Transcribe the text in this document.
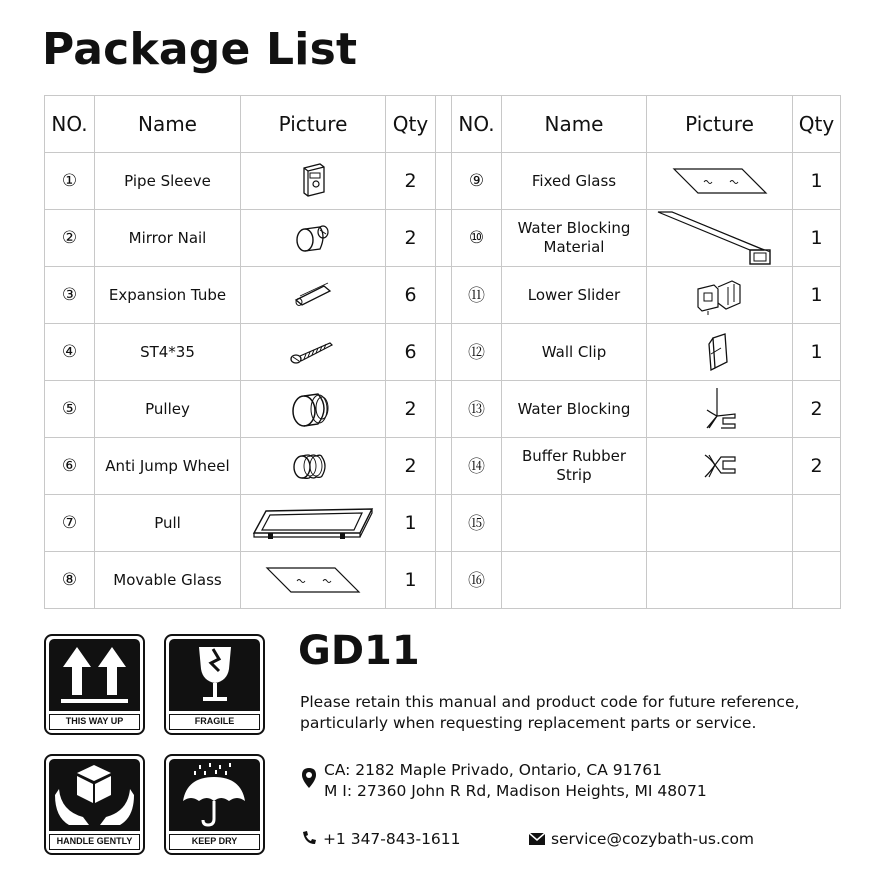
Package List
NO.	Name	Picture	Qty		NO.	Name	Picture	Qty
①	Pipe Sleeve		2		⑨	Fixed Glass		1
②	Mirror Nail		2		⑩	Water Blocking Material		1
③	Expansion Tube		6		⑪	Lower Slider		1
④	ST4*35		6		⑫	Wall Clip		1
⑤	Pulley		2		⑬	Water Blocking		2
⑥	Anti Jump Wheel		2		⑭	Buffer Rubber Strip		2
⑦	Pull		1		⑮			
⑧	Movable Glass		1		⑯			
THIS WAY UP	FRAGILE
HANDLE GENTLY	KEEP DRY
GD11
Please retain this manual and product code for future reference,
particularly when requesting replacement parts or service.
CA: 2182 Maple Privado, Ontario, CA 91761
M I: 27360 John R Rd, Madison Heights, MI 48071
+1 347-843-1611	service@cozybath-us.com
